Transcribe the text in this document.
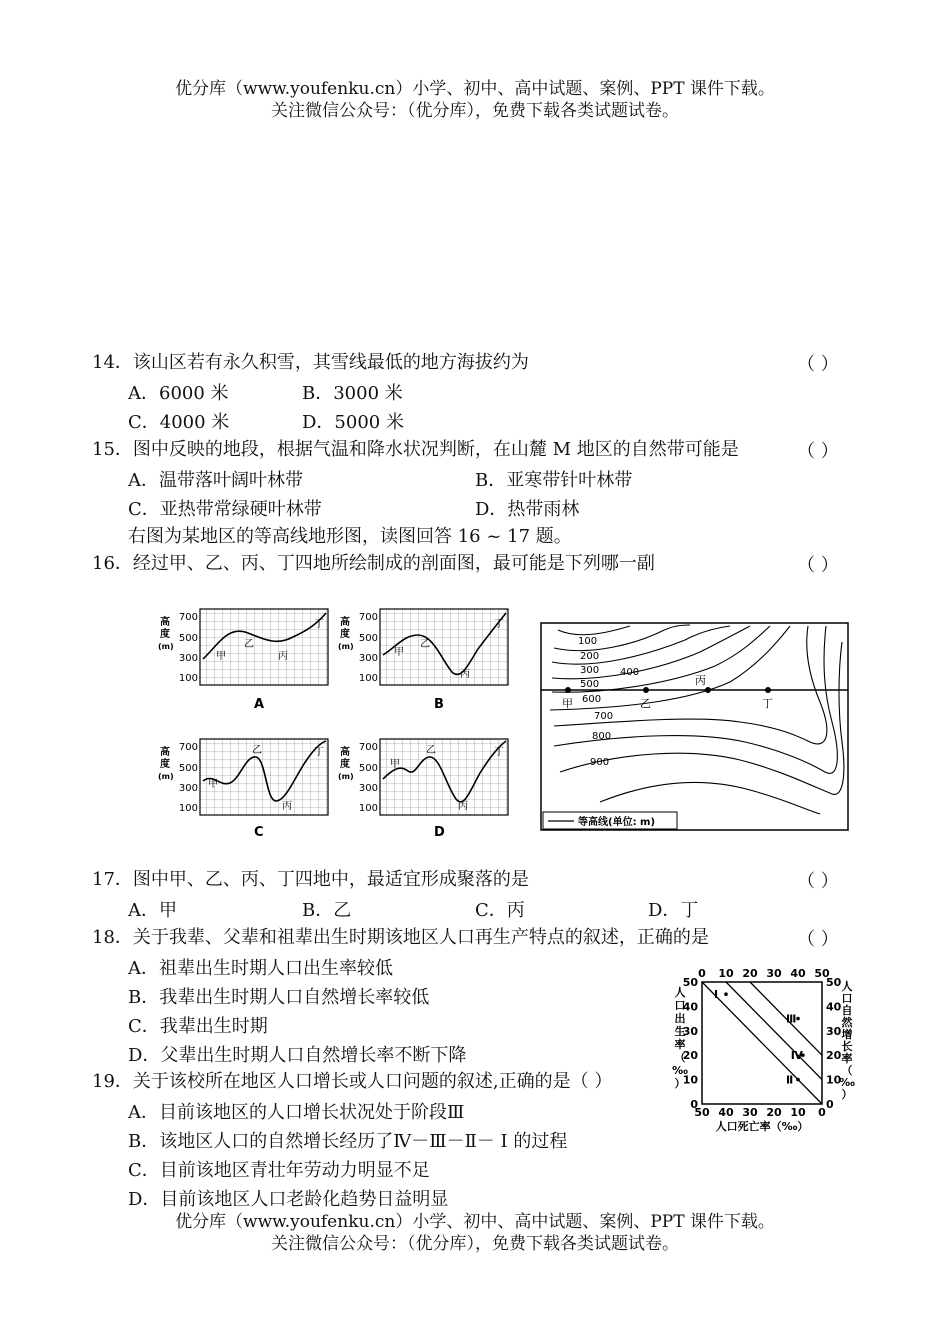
优分库（www.youfenku.cn）小学、初中、高中试题、案例、PPT 课件下载。
关注微信公众号：（优分库），免费下载各类试题试卷。
14．该山区若有永久积雪，其雪线最低的地方海拔约为	（ ）
A．6000 米	B．3000 米
C．4000 米	D．5000 米
15．图中反映的地段，根据气温和降水状况判断，在山麓 M 地区的自然带可能是	（ ）
A．温带落叶阔叶林带	B．亚寒带针叶林带
C．亚热带常绿硬叶林带	D．热带雨林
右图为某地区的等高线地形图，读图回答 16 ~ 17 题。
16．经过甲、乙、丙、丁四地所绘制成的剖面图，最可能是下列哪一副	（ ）
高
度
(m)
700
500
300
100
甲
乙
丙
丁
A
高
度
(m)
700
500
300
100
甲
乙
丙
丁
B
高
度
(m)
700
500
300
100
甲
乙
丙
丁
C
高
度
(m)
700
500
300
100
甲
乙
丙
丁
D
甲	乙
丙
丁
100
200
300 400
500
600
700
800
900
等高线(单位: m)
17．图中甲、乙、丙、丁四地中，最适宜形成聚落的是	（ ）
A．甲	B．乙	C．丙	D．丁
18．关于我辈、父辈和祖辈出生时期该地区人口再生产特点的叙述，正确的是	（ ）
A．祖辈出生时期人口出生率较低
B．我辈出生时期人口自然增长率较低
C．我辈出生时期
D．父辈出生时期人口自然增长率不断下降
19．关于该校所在地区人口增长或人口问题的叙述,正确的是（ ）
A．目前该地区的人口增长状况处于阶段Ⅲ
B．该地区人口的自然增长经历了Ⅳ－Ⅲ－Ⅱ－ Ⅰ 的过程
C．目前该地区青壮年劳动力明显不足
D．目前该地区人口老龄化趋势日益明显
0 10 20 30 40 50
50
40
30
20
10
0
50
40
30
20
10
0
50 40 30 20 10 0
Ⅰ
Ⅲ
Ⅳ
Ⅱ
人口死亡率（‰）
人
口
出
生
率
（
‰
）
人
口
自
然
增
长
率
（
‰
）
优分库（www.youfenku.cn）小学、初中、高中试题、案例、PPT 课件下载。
关注微信公众号：（优分库），免费下载各类试题试卷。
